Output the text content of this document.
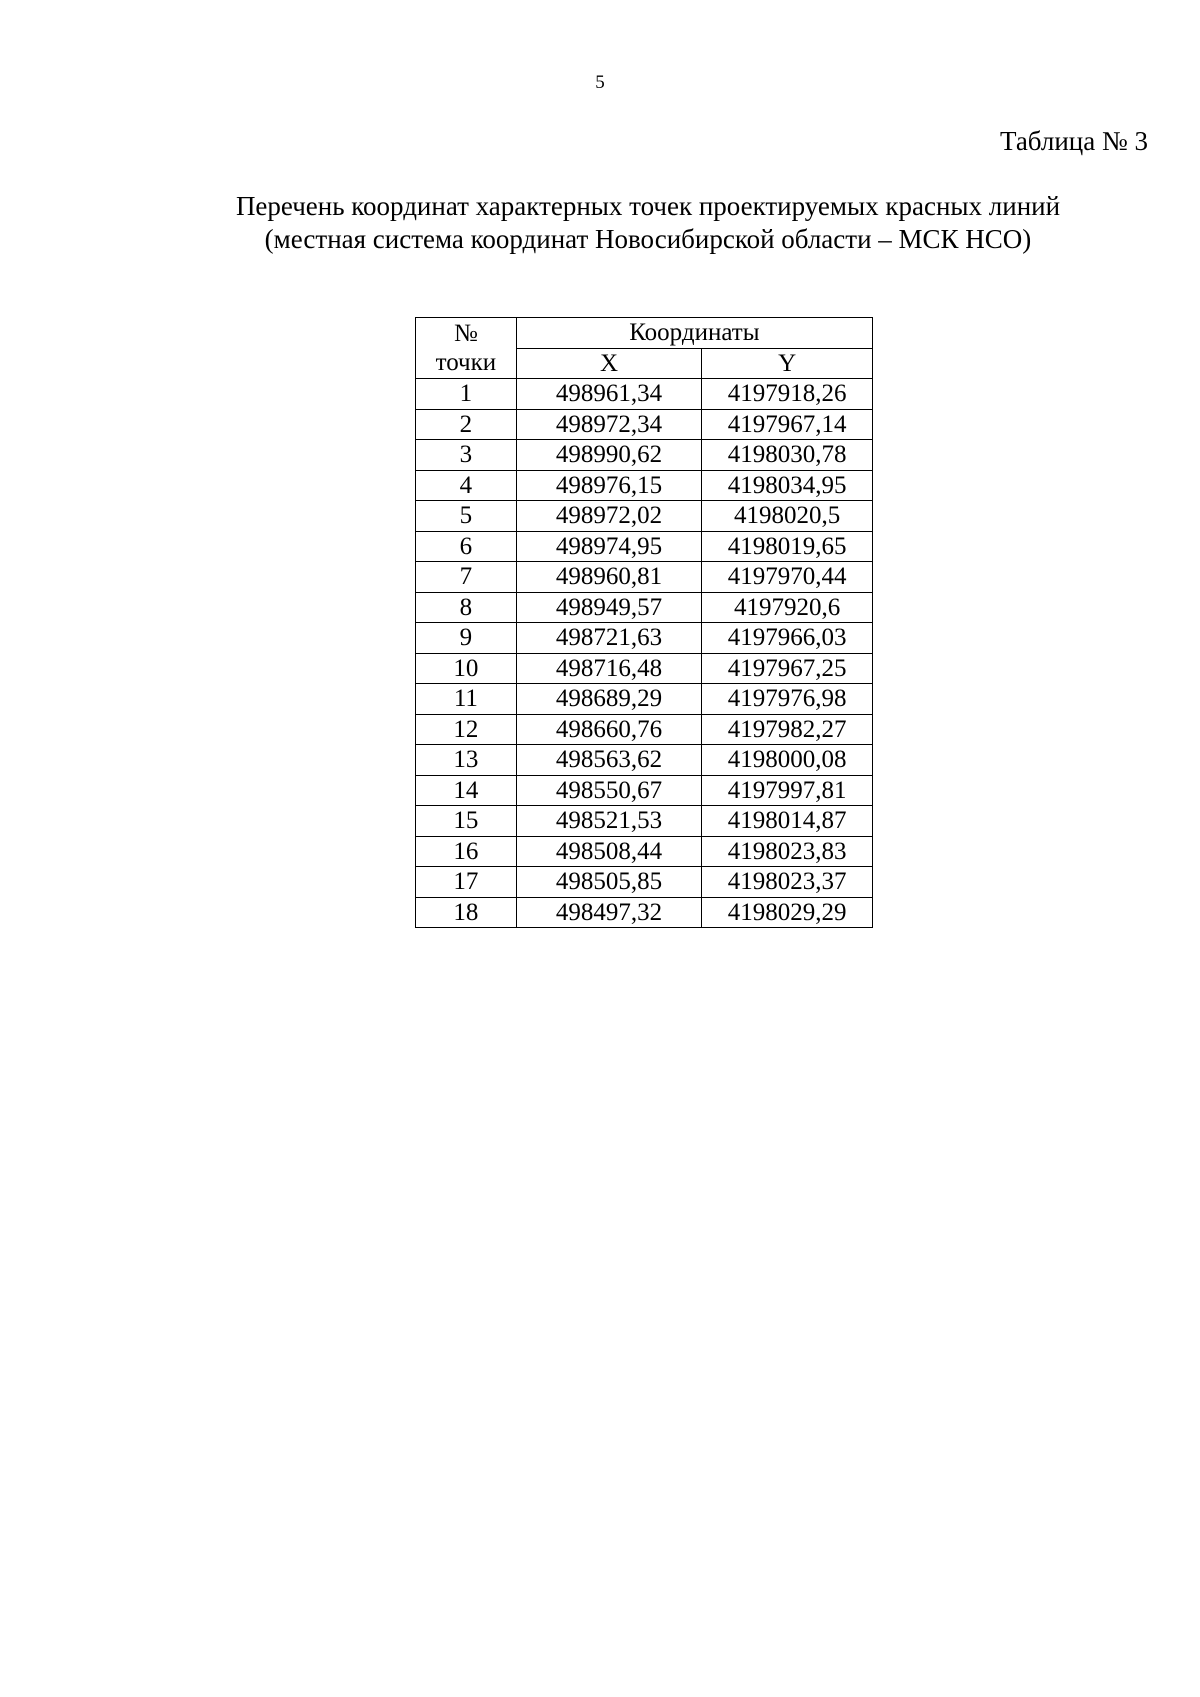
5
Таблица № 3
Перечень координат характерных точек проектируемых красных линий
(местная система координат Новосибирской области – МСК НСО)
№
точки	Координаты	
	X	Y
1	498961,34	4197918,26
2	498972,34	4197967,14
3	498990,62	4198030,78
4	498976,15	4198034,95
5	498972,02	4198020,5
6	498974,95	4198019,65
7	498960,81	4197970,44
8	498949,57	4197920,6
9	498721,63	4197966,03
10	498716,48	4197967,25
11	498689,29	4197976,98
12	498660,76	4197982,27
13	498563,62	4198000,08
14	498550,67	4197997,81
15	498521,53	4198014,87
16	498508,44	4198023,83
17	498505,85	4198023,37
18	498497,32	4198029,29
